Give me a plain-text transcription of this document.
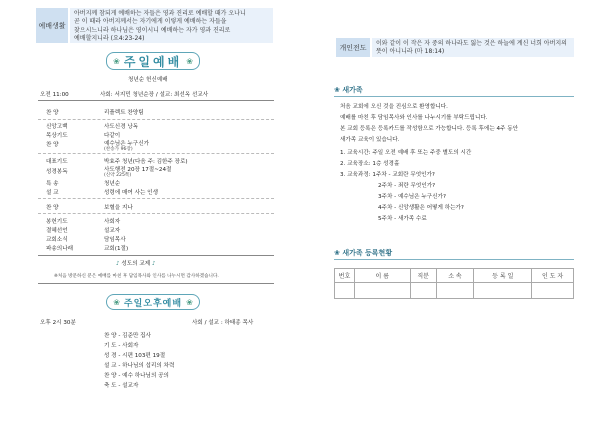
예배생활
아버지께 참되게 예배하는 자들은 영과 진리로 예배할 때가 오나니
곧 이 때라 아버지께서는 자기에게 이렇게 예배하는 자들을
찾으시느니라 하나님은 영이시니 예배하는 자가 영과 진리로
예배할지니라 (요4:23-24)
❀ 주일예배 ❀
청년순 헌신예배
오전 11:00	사회: 서지민 청년순장 / 설교: 최선옥 선교사
찬 양	리플렉트 찬양팀
신앙고백	사도신경 낭독
목상기도	다같이
찬 양	예수님은 누구신가
(찬송가 96장)
대표기도	박효주 청년(다음 주: 김한주 장로)
성경봉독	사도행전 20장 17절~24절
(신약 225쪽)
특 송	청년순
설 교	성령에 매여 사는 인생
찬 양	보혈을 지나
봉헌기도	사회자
결혜선언	설교자
교회소식	담임목사
파송의나래	교회(1절)
♪ 성도의 교제 ♪
※처음 방문하신 분은 예배를 마친 후 담임목사와 인사를 나누시면 감사하겠습니다.
❀ 주일오후예배 ❀
오후 2시 30분	사회 / 설교 : 하태종 목사
찬 양 - 김준만 집사
기 도 - 사회자
성 경 - 시편 103편 19절
설 교 - 하나님의 섭리의 차력
찬 양 - 예수 하나님의 공의
축 도 - 설교자
개인전도 이와 같이 이 작은 자 중의 하나라도 잃는 것은 하늘에 계신 너희 아버지의
뜻이 아니니라 (마 18:14)
❀ 새가족
처음 교회에 오신 것을 진심으로 환영합니다.
예배를 마친 후 담임목사와 인사를 나누시기를 부탁드립니다.
본 교회 등록은 등록카드를 작성함으로 가능합니다. 등록 후에는 4주 동안
새가족 교육이 있습니다.
1. 교육시간: 주일 오전 예배 후 또는 주중 별도의 시간
2. 교육장소: 1층 성경홀
3. 교육과정: 1주차 - 교회란 무엇인가?
2주차 - 죄란 무엇인가?
3주차 - 예수님은 누구신가?
4주차 - 신앙생활은 어떻게 하는가?
5주차 - 새가족 수료
❀ 새가족 등록현황
번호	이 름	직분	소 속	등 록 일	인 도 자
